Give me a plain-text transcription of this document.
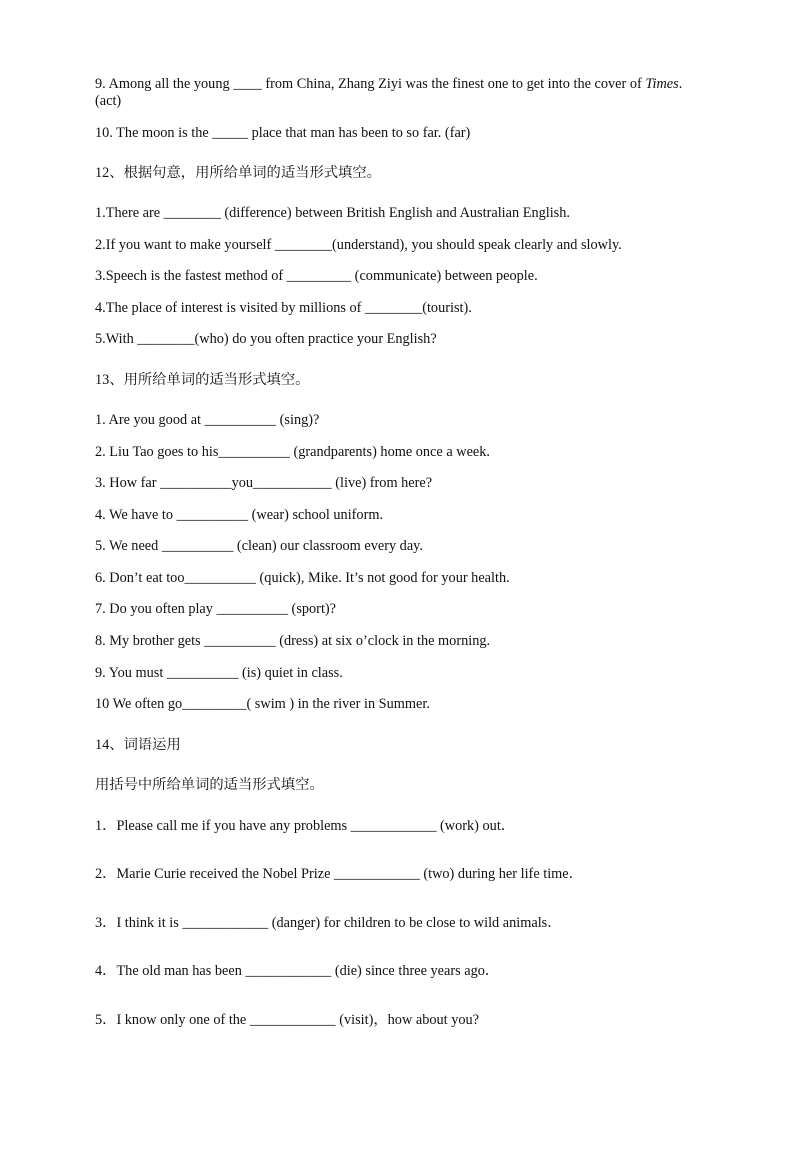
9. Among all the young ____ from China, Zhang Ziyi was the finest one to get into the cover of Times.
(act)
10. The moon is the _____ place that man has been to so far. (far)
12、根据句意，用所给单词的适当形式填空。
1.There are ________ (difference) between British English and Australian English.
2.If you want to make yourself ________(understand), you should speak clearly and slowly.
3.Speech is the fastest method of _________ (communicate) between people.
4.The place of interest is visited by millions of ________(tourist).
5.With ________(who) do you often practice your English?
13、用所给单词的适当形式填空。
1. Are you good at __________ (sing)?
2. Liu Tao goes to his__________ (grandparents) home once a week.
3. How far __________you___________ (live) from here?
4. We have to __________ (wear) school uniform.
5. We need __________ (clean) our classroom every day.
6. Don’t eat too__________ (quick), Mike. It’s not good for your health.
7. Do you often play __________ (sport)?
8. My brother gets __________ (dress) at six o’clock in the morning.
9. You must __________ (is) quiet in class.
10 We often go_________( swim ) in the river in Summer.
14、词语运用
用括号中所给单词的适当形式填空。
1．Please call me if you have any problems ____________ (work) out．
2．Marie Curie received the Nobel Prize ____________ (two) during her life time．
3．I think it is ____________ (danger) for children to be close to wild animals．
4．The old man has been ____________ (die) since three years ago．
5．I know only one of the ____________ (visit)，how about you?
